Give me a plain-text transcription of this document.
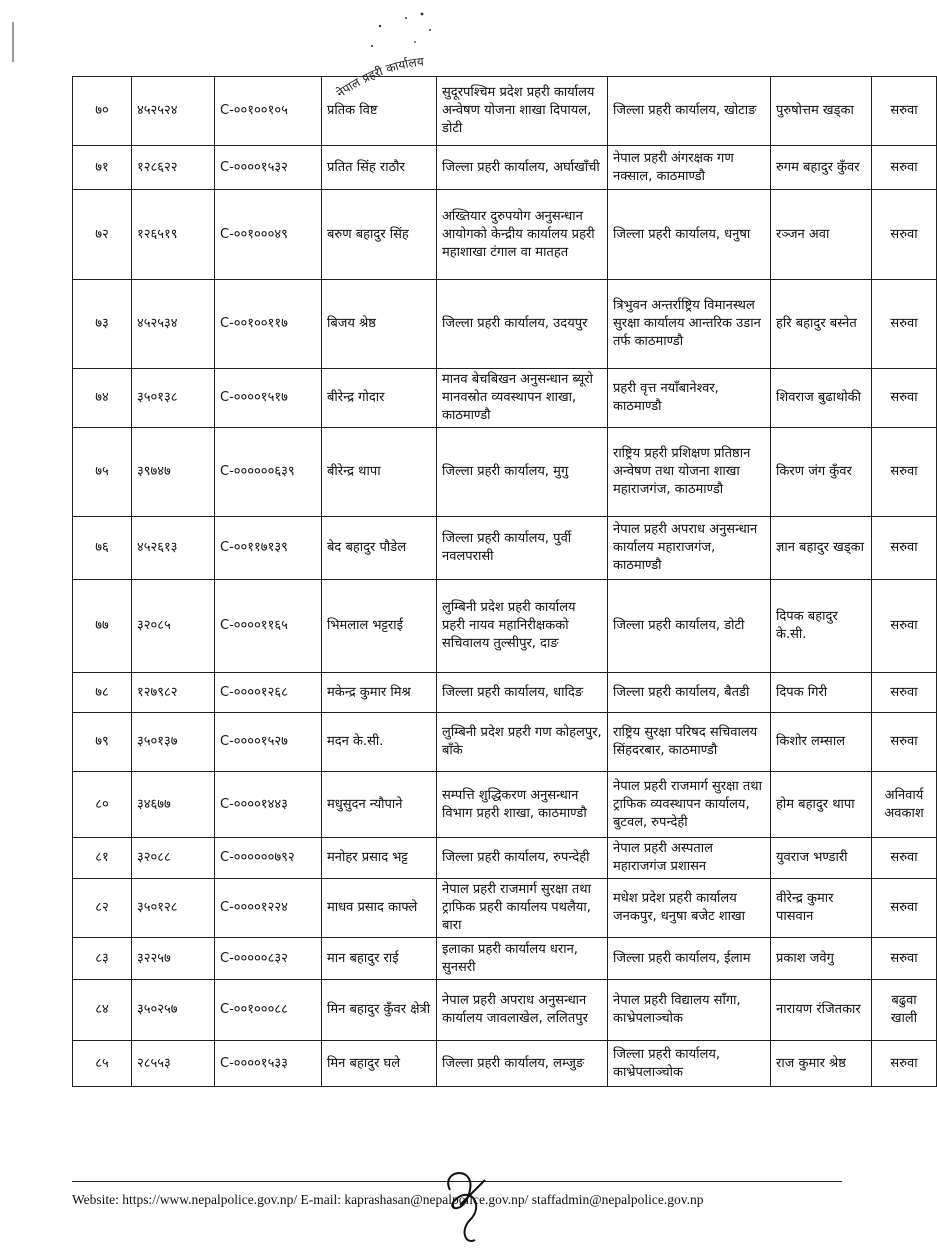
नेपाल प्रहरी कार्यालय
७०	४५२५२४	C-००१००१०५	प्रतिक विष्ट	सुदूरपश्चिम प्रदेश प्रहरी कार्यालय अन्वेषण योजना शाखा दिपायल, डोटी	जिल्ला प्रहरी कार्यालय, खोटाङ	पुरुषोत्तम खड्का	सरुवा
७१	१२८६२२	C-००००१५३२	प्रतित सिंह राठौर	जिल्ला प्रहरी कार्यालय, अर्घाखाँची	नेपाल प्रहरी अंगरक्षक गण नक्साल, काठमाण्डौ	रुगम बहादुर कुँवर	सरुवा
७२	१२६५१९	C-००१०००४९	बरुण बहादुर सिंह	अख्तियार दुरुपयोग अनुसन्धान आयोगको केन्द्रीय कार्यालय प्रहरी महाशाखा टंगाल वा मातहत	जिल्ला प्रहरी कार्यालय, धनुषा	रञ्जन अवा	सरुवा
७३	४५२५३४	C-००१००११७	बिजय श्रेष्ठ	जिल्ला प्रहरी कार्यालय, उदयपुर	त्रिभुवन अन्तर्राष्ट्रिय विमानस्थल सुरक्षा कार्यालय आन्तरिक उडान तर्फ काठमाण्डौ	हरि बहादुर बस्नेत	सरुवा
७४	३५०१३८	C-००००१५१७	बीरेन्द्र गोदार	मानव बेचबिखन अनुसन्धान ब्यूरो मानवस्रोत व्यवस्थापन शाखा, काठमाण्डौ	प्रहरी वृत्त नयाँबानेश्वर, काठमाण्डौ	शिवराज बुढाथोकी	सरुवा
७५	३९७४७	C-००००००६३९	बीरेन्द्र थापा	जिल्ला प्रहरी कार्यालय, मुगु	राष्ट्रिय प्रहरी प्रशिक्षण प्रतिष्ठान अन्वेषण तथा योजना शाखा महाराजगंज, काठमाण्डौ	किरण जंग कुँवर	सरुवा
७६	४५२६१३	C-००११७१३९	बेद बहादुर पौडेल	जिल्ला प्रहरी कार्यालय, पुर्वी नवलपरासी	नेपाल प्रहरी अपराध अनुसन्धान कार्यालय महाराजगंज, काठमाण्डौ	ज्ञान बहादुर खड्का	सरुवा
७७	३२०८५	C-००००११६५	भिमलाल भट्टराई	लुम्बिनी प्रदेश प्रहरी कार्यालय प्रहरी नायव महानिरीक्षकको सचिवालय तुल्सीपुर, दाङ	जिल्ला प्रहरी कार्यालय, डोटी	दिपक बहादुर के.सी.	सरुवा
७८	१२७९८२	C-००००१२६८	मकेन्द्र कुमार मिश्र	जिल्ला प्रहरी कार्यालय, धादिङ	जिल्ला प्रहरी कार्यालय, बैतडी	दिपक गिरी	सरुवा
७९	३५०१३७	C-००००१५२७	मदन के.सी.	लुम्बिनी प्रदेश प्रहरी गण कोहलपुर, बाँके	राष्ट्रिय सुरक्षा परिषद सचिवालय सिंहदरबार, काठमाण्डौ	किशोर लम्साल	सरुवा
८०	३४६७७	C-००००१४४३	मधुसुदन न्यौपाने	सम्पत्ति शुद्धिकरण अनुसन्धान विभाग प्रहरी शाखा, काठमाण्डौ	नेपाल प्रहरी राजमार्ग सुरक्षा तथा ट्राफिक व्यवस्थापन कार्यालय, बुटवल, रुपन्देही	होम बहादुर थापा	अनिवार्य अवकाश
८१	३२०८८	C-००००००७९२	मनोहर प्रसाद भट्ट	जिल्ला प्रहरी कार्यालय, रुपन्देही	नेपाल प्रहरी अस्पताल महाराजगंज प्रशासन	युवराज भण्डारी	सरुवा
८२	३५०१२८	C-००००१२२४	माधव प्रसाद काफ्ले	नेपाल प्रहरी राजमार्ग सुरक्षा तथा ट्राफिक प्रहरी कार्यालय पथलैया, बारा	मधेश प्रदेश प्रहरी कार्यालय जनकपुर, धनुषा बजेट शाखा	वीरेन्द्र कुमार पासवान	सरुवा
८३	३२२५७	C-०००००८३२	मान बहादुर राई	इलाका प्रहरी कार्यालय धरान, सुनसरी	जिल्ला प्रहरी कार्यालय, ईलाम	प्रकाश जवेगु	सरुवा
८४	३५०२५७	C-००१०००८८	मिन बहादुर कुँवर क्षेत्री	नेपाल प्रहरी अपराध अनुसन्धान कार्यालय जावलाखेल, ललितपुर	नेपाल प्रहरी विद्यालय साँगा, काभ्रेपलाञ्चोक	नारायण रंजितकार	बढुवा खाली
८५	२८५५३	C-००००१५३३	मिन बहादुर घले	जिल्ला प्रहरी कार्यालय, लम्जुङ	जिल्ला प्रहरी कार्यालय, काभ्रेपलाञ्चोक	राज कुमार श्रेष्ठ	सरुवा
Website: https://www.nepalpolice.gov.np/ E-mail: kaprashasan@nepalpolice.gov.np/ staffadmin@nepalpolice.gov.np
